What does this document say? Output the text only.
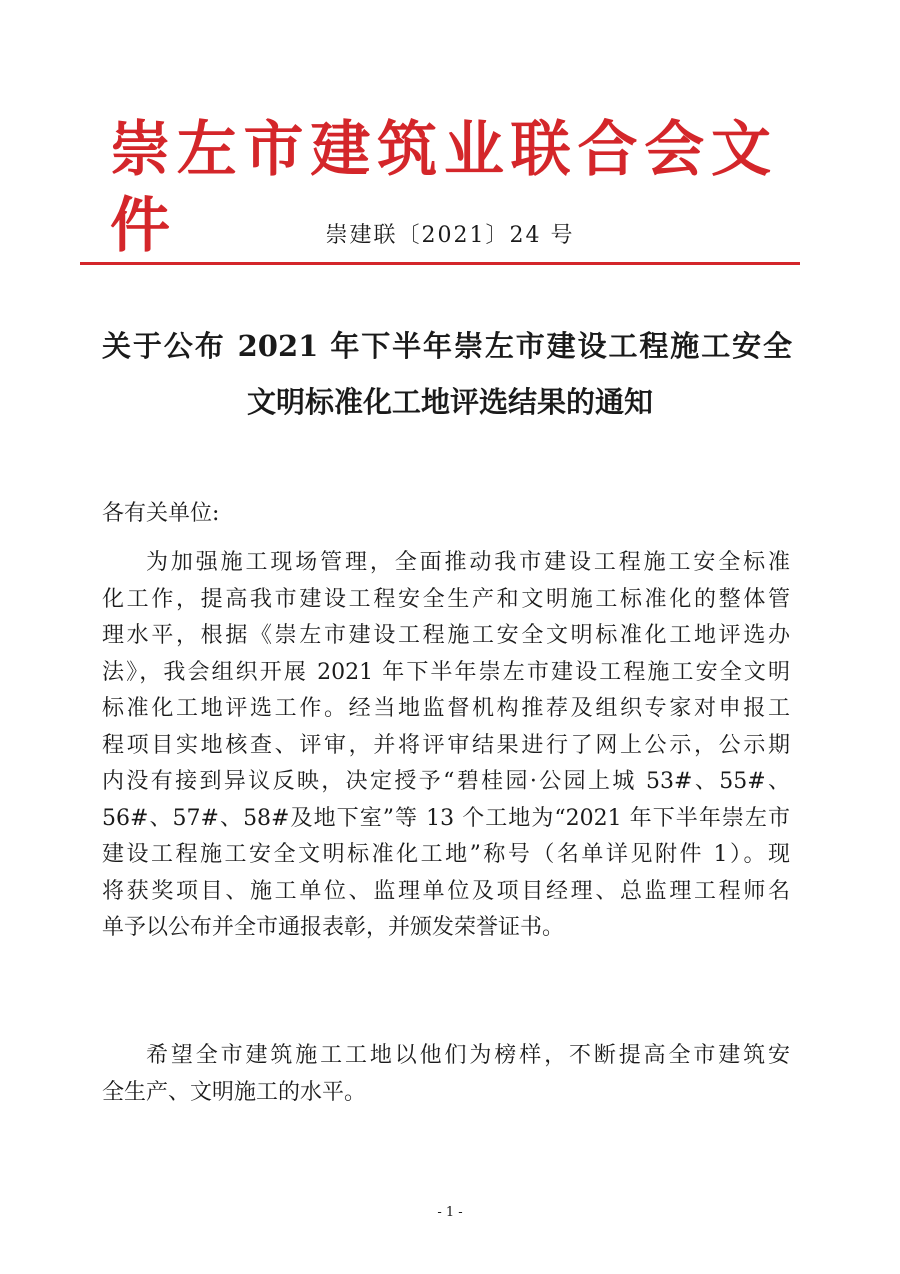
崇左市建筑业联合会文件	崇建联〔2021〕24 号
关于公布 2021 年下半年崇左市建设工程施工安全
文明标准化工地评选结果的通知
各有关单位:
为加强施工现场管理，全面推动我市建设工程施工安全标准
化工作，提高我市建设工程安全生产和文明施工标准化的整体管
理水平，根据《崇左市建设工程施工安全文明标准化工地评选办
法》，我会组织开展 2021 年下半年崇左市建设工程施工安全文明
标准化工地评选工作。经当地监督机构推荐及组织专家对申报工
程项目实地核查、评审，并将评审结果进行了网上公示，公示期
内没有接到异议反映，决定授予“碧桂园·公园上城 53#、55#、
56#、57#、58#及地下室”等 13 个工地为“2021 年下半年崇左市
建设工程施工安全文明标准化工地”称号（名单详见附件 1）。现
将获奖项目、施工单位、监理单位及项目经理、总监理工程师名
单予以公布并全市通报表彰，并颁发荣誉证书。
希望全市建筑施工工地以他们为榜样，不断提高全市建筑安
全生产、文明施工的水平。
- 1 -
